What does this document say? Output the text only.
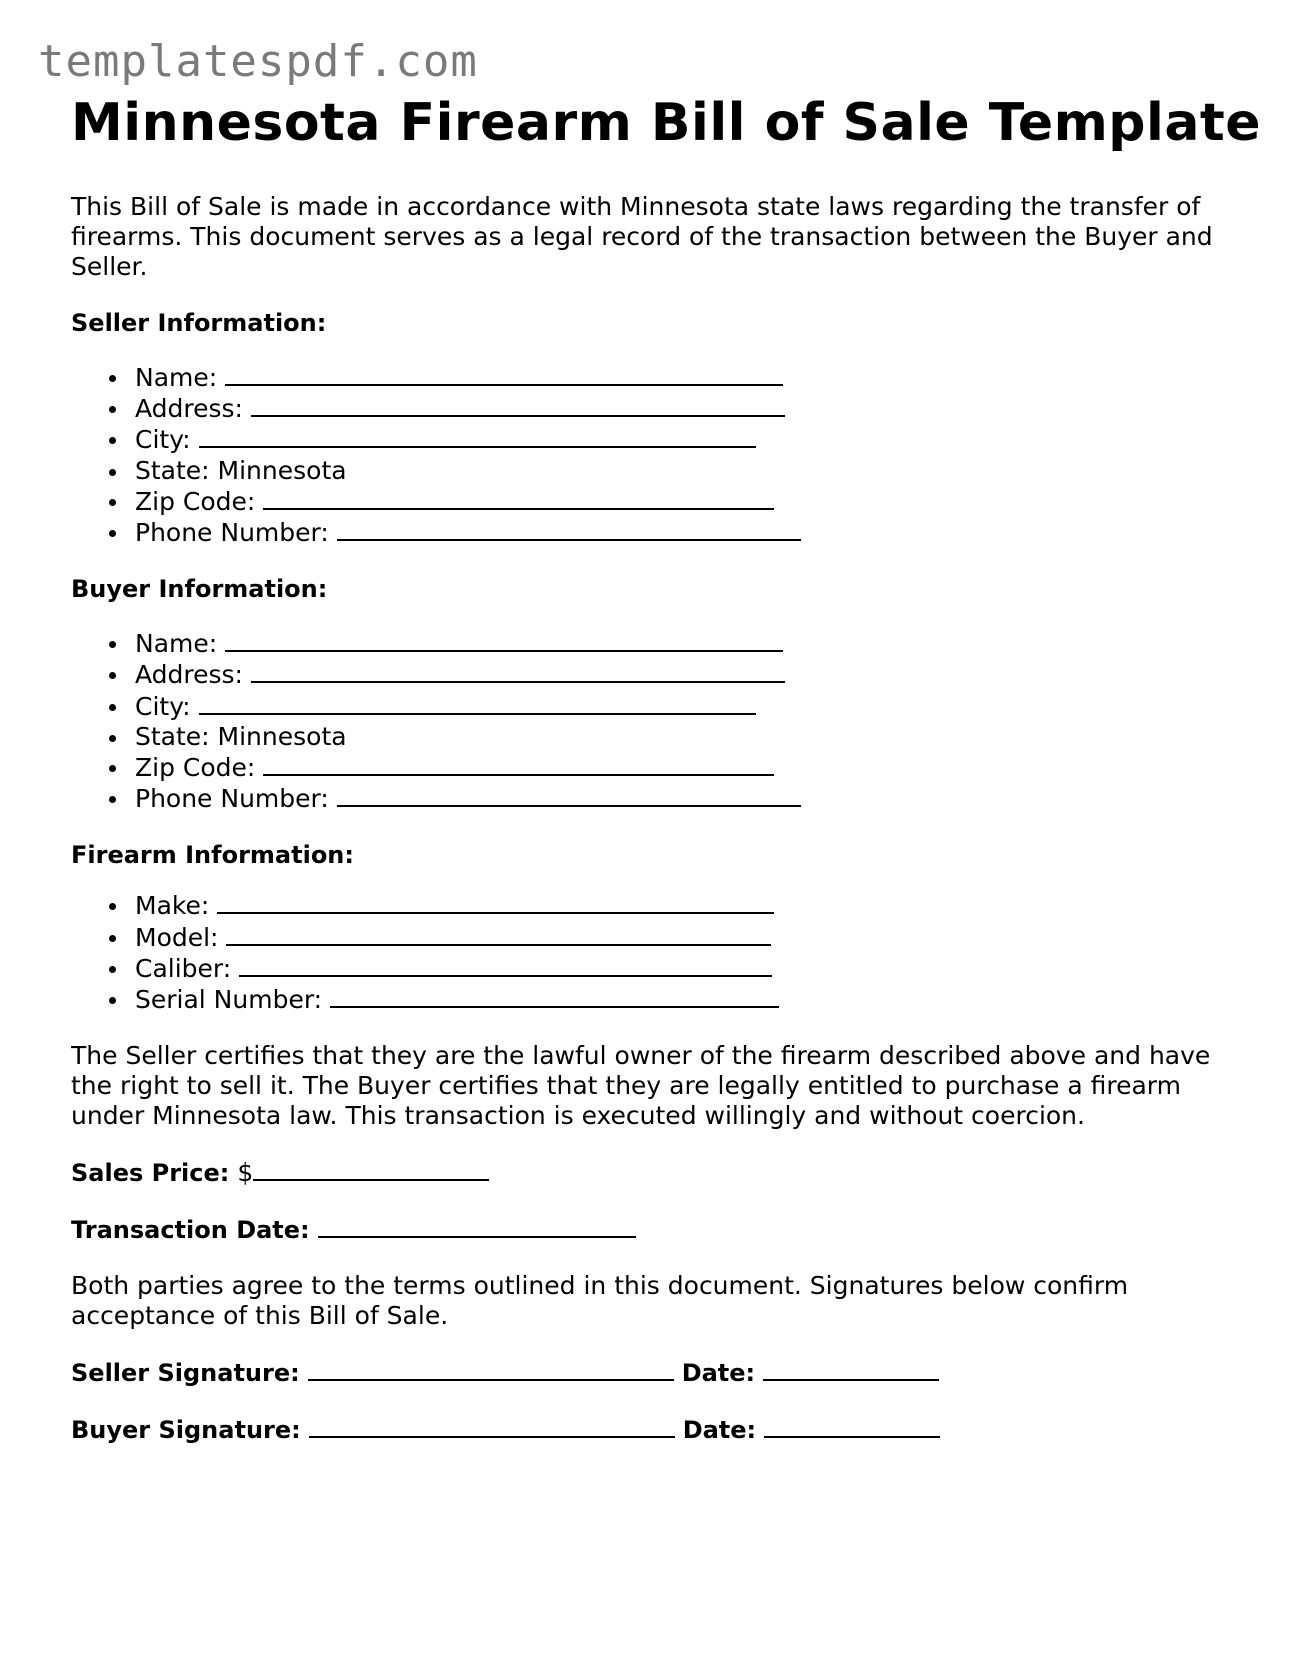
templatespdf.com
Minnesota Firearm Bill of Sale Template

This Bill of Sale is made in accordance with Minnesota state laws regarding the transfer of firearms. This document serves as a legal record of the transaction between the Buyer and Seller.

Seller Information:
Name:
Address:
City:
State: Minnesota
Zip Code:
Phone Number:
Buyer Information:
Name:
Address:
City:
State: Minnesota
Zip Code:
Phone Number:
Firearm Information:
Make:
Model:
Caliber:
Serial Number:

The Seller certifies that they are the lawful owner of the firearm described above and have the right to sell it. The Buyer certifies that they are legally entitled to purchase a firearm under Minnesota law. This transaction is executed willingly and without coercion.

Sales Price: $
Transaction Date:

Both parties agree to the terms outlined in this document. Signatures below confirm acceptance of this Bill of Sale.

Seller Signature:	Date:
Buyer Signature:	Date:
